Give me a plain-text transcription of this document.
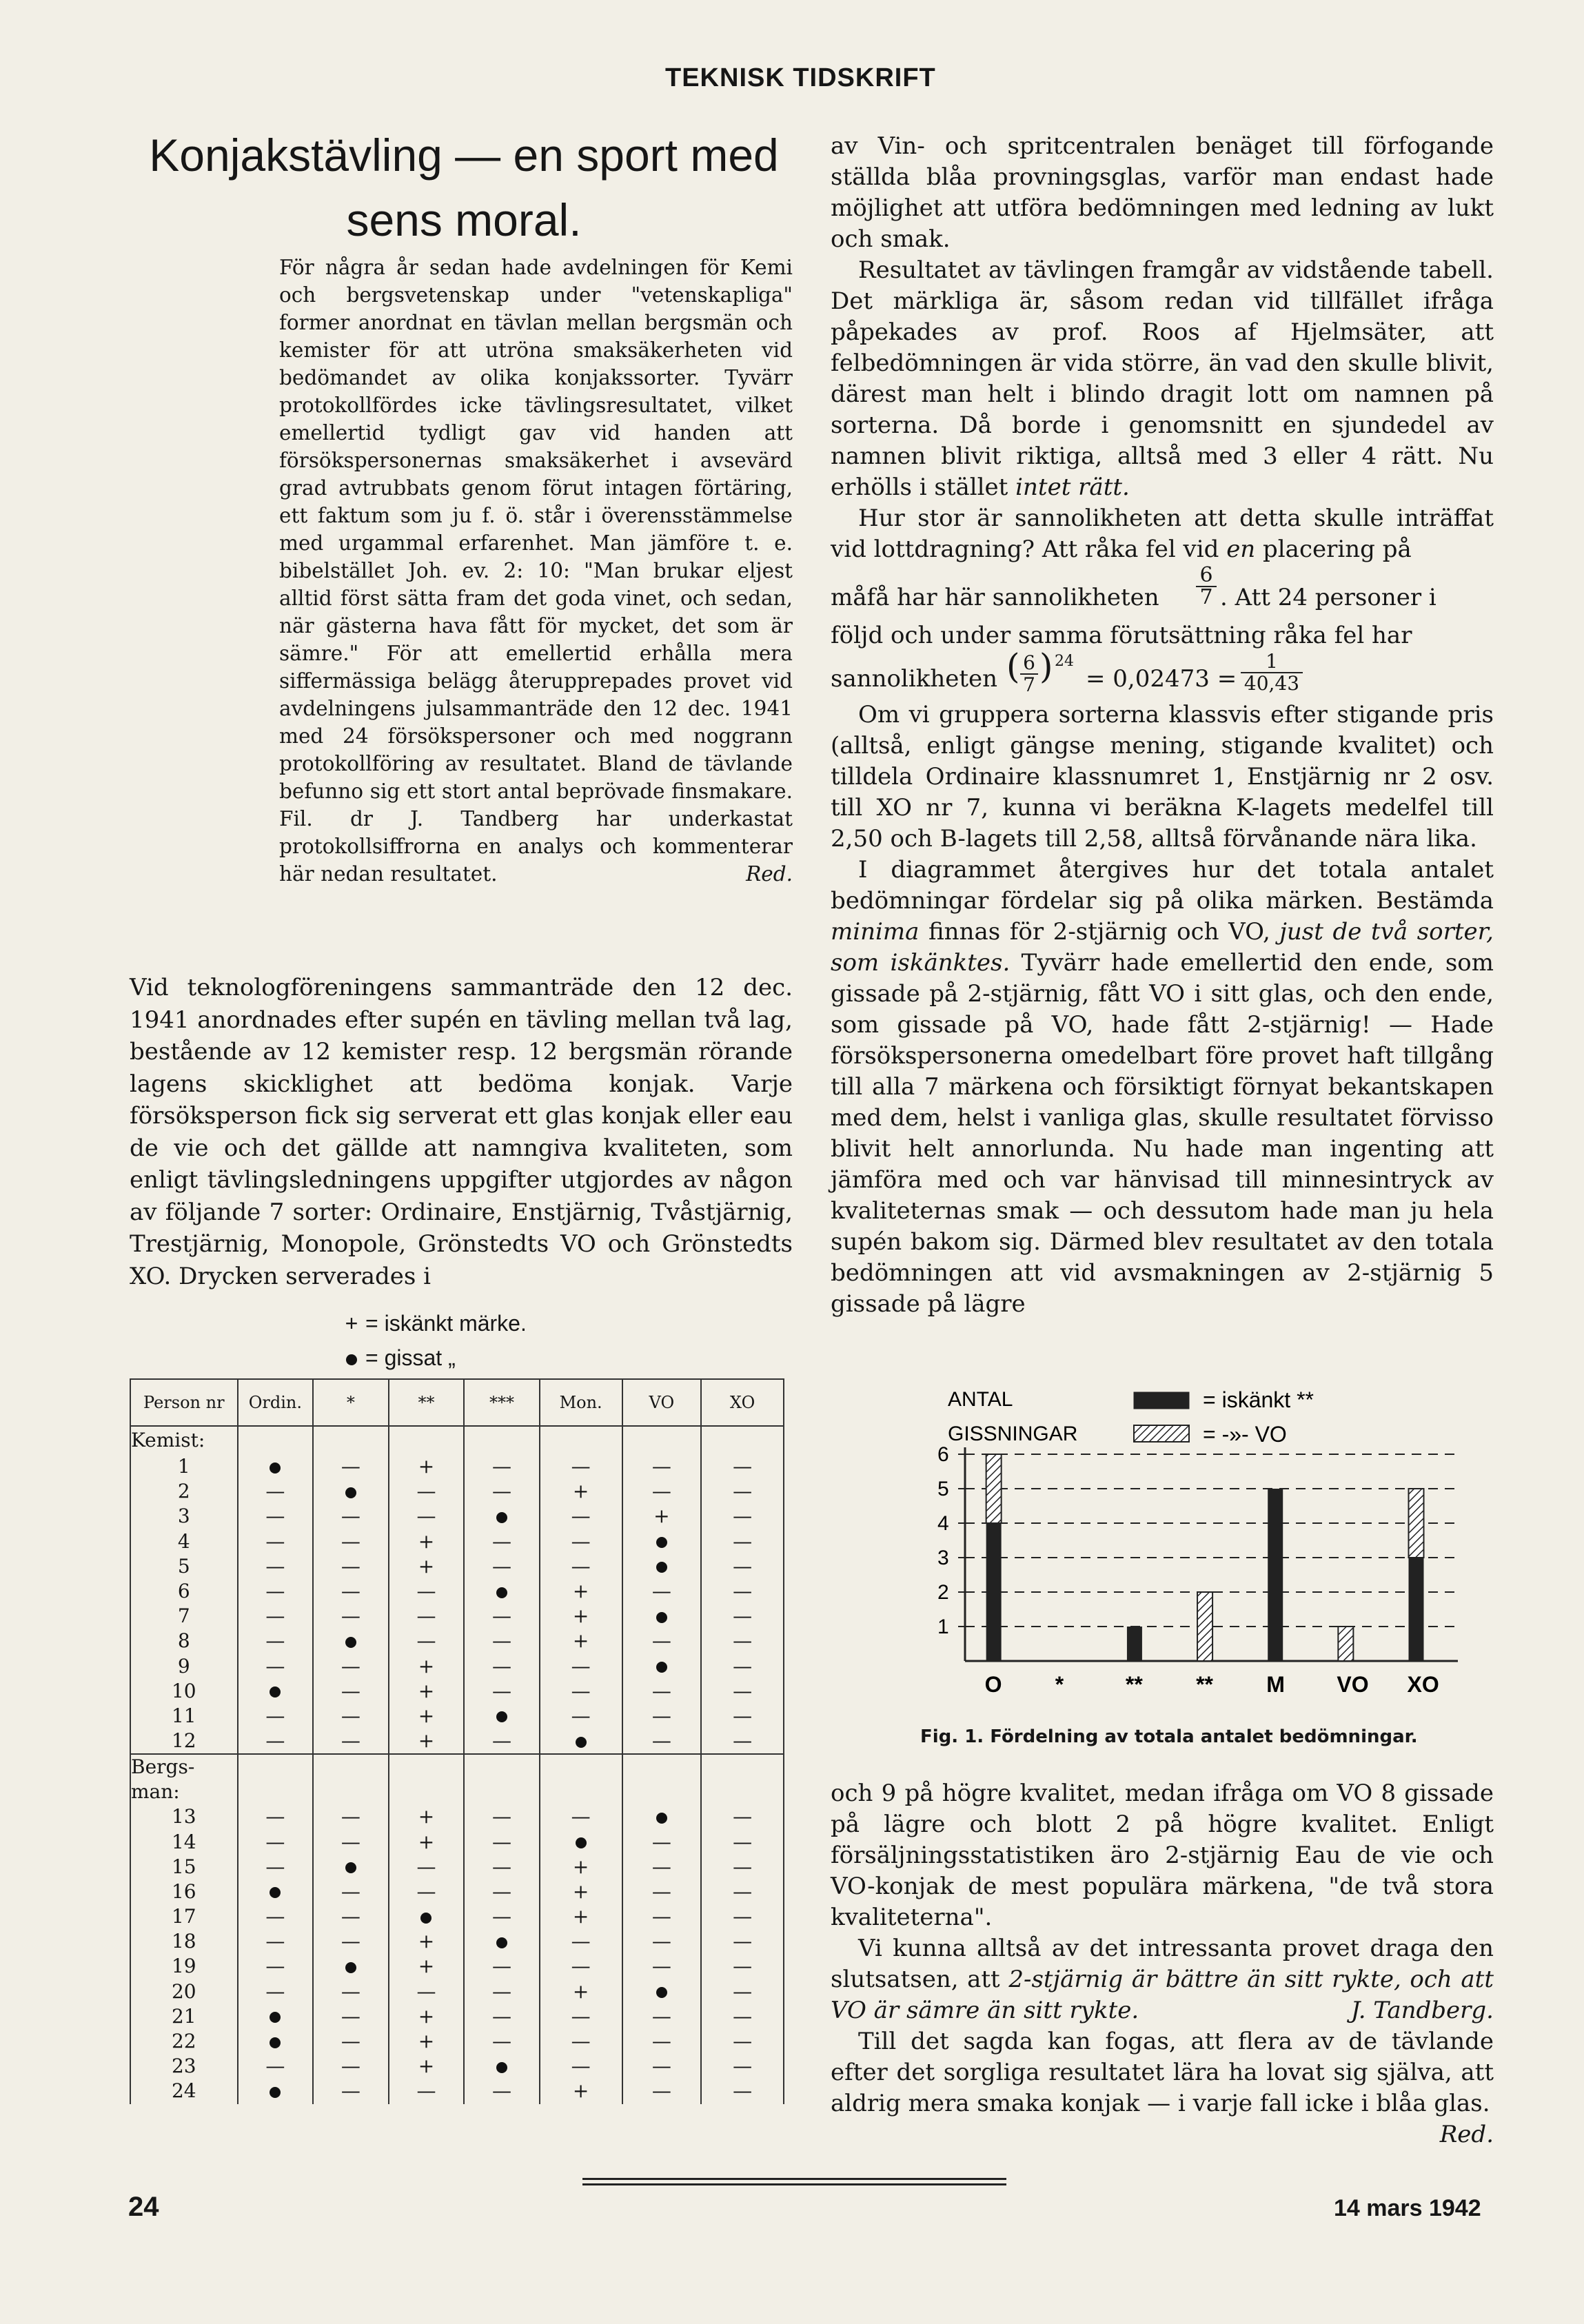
TEKNISK TIDSKRIFT
Konjakstävling — en sport med
sens moral.

För några år sedan hade avdelningen för Kemi och bergsvetenskap under "vetenskapliga" former anordnat en tävlan mellan bergsmän och kemister för att utröna smaksäkerheten vid bedömandet av olika konjakssorter. Tyvärr protokollfördes icke tävlingsresultatet, vilket emellertid tydligt gav vid handen att försökspersonernas smaksäkerhet i avsevärd grad avtrubbats genom förut intagen förtäring, ett faktum som ju f. ö. står i överensstämmelse med urgammal erfarenhet. Man jämföre t. e. bibelstället Joh. ev. 2: 10: "Man brukar eljest alltid först sätta fram det goda vinet, och sedan, när gästerna hava fått för mycket, det som är sämre." För att emellertid erhålla mera siffermässiga belägg återupprepades provet vid avdelningens julsammanträde den 12 dec. 1941 med 24 försökspersoner och med noggrann protokollföring av resultatet. Bland de tävlande befunno sig ett stort antal beprövade finsmakare. Fil. dr J. Tandberg har underkastat protokollsiffrorna en analys och kommenterar här nedan resultatet.	Red.

Vid teknologföreningens sammanträde den 12 dec. 1941 anordnades efter supén en tävling mellan två lag, bestående av 12 kemister resp. 12 bergsmän rörande lagens skicklighet att bedöma konjak. Varje försöksperson fick sig serverat ett glas konjak eller eau de vie och det gällde att namngiva kvaliteten, som enligt tävlingsledningens uppgifter utgjordes av någon av följande 7 sorter: Ordinaire, Enstjärnig, Tvåstjärnig, Trestjärnig, Monopole, Grönstedts VO och Grönstedts XO. Drycken serverades i

+ = iskänkt märke.
= gissat „
Person nr	Ordin.	*	**	***	Mon.	VO	XO
Kemist:							
1		—	+	—	—	—	—
2	—		—	—	+	—	—
3	—	—	—		—	+	—
4	—	—	+	—	—		—
5	—	—	+	—	—		—
6	—	—	—		+	—	—
7	—	—	—	—	+		—
8	—		—	—	+	—	—
9	—	—	+	—	—		—
10		—	+	—	—	—	—
11	—	—	+		—	—	—
12	—	—	+	—		—	—
Bergs-man:							
13	—	—	+	—	—		—
14	—	—	+	—		—	—
15	—		—	—	+	—	—
16		—	—	—	+	—	—
17	—	—		—	+	—	—
18	—	—	+		—	—	—
19	—		+	—	—	—	—
20	—	—	—	—	+		—
21		—	+	—	—	—	—
22		—	+	—	—	—	—
23	—	—	+		—	—	—
24		—	—	—	+	—	—

av Vin- och spritcentralen benäget till förfogande ställda blåa provningsglas, varför man endast hade möjlighet att utföra bedömningen med ledning av lukt och smak.

Resultatet av tävlingen framgår av vidstående tabell. Det märkliga är, såsom redan vid tillfället ifråga påpekades av prof. Roos af Hjelmsäter, att felbedömningen är vida större, än vad den skulle blivit, därest man helt i blindo dragit lott om namnen på sorterna. Då borde i genomsnitt en sjundedel av namnen blivit riktiga, alltså med 3 eller 4 rätt. Nu erhölls i stället intet rätt.

Hur stor är sannolikheten att detta skulle inträffat vid lottdragning? Att råka fel vid en placering på

måfå har här sannolikheten
6
7 . Att 24 personer i

följd och under samma förutsättning råka fel har

sannolikheten ( 6
7 ) 24
= 0,02473 =
1
40,43

Om vi gruppera sorterna klassvis efter stigande pris (alltså, enligt gängse mening, stigande kvalitet) och tilldela Ordinaire klassnumret 1, Enstjärnig nr 2 osv. till XO nr 7, kunna vi beräkna K-lagets medelfel till 2,50 och B-lagets till 2,58, alltså förvånande nära lika.

I diagrammet återgives hur det totala antalet bedömningar fördelar sig på olika märken. Bestämda minima finnas för 2-stjärnig och VO, just de två sorter, som iskänktes. Tyvärr hade emellertid den ende, som gissade på 2-stjärnig, fått VO i sitt glas, och den ende, som gissade på VO, hade fått 2-stjärnig! — Hade försökspersonerna omedelbart före provet haft tillgång till alla 7 märkena och försiktigt förnyat bekantskapen med dem, helst i vanliga glas, skulle resultatet förvisso blivit helt annorlunda. Nu hade man ingenting att jämföra med och var hänvisad till minnesintryck av kvaliteternas smak — och dessutom hade man ju hela supén bakom sig. Därmed blev resultatet av den totala bedömningen att vid avsmakningen av 2-stjärnig 5 gissade på lägre

ANTAL
GISSNINGAR
= iskänkt **
= -»- VO
1
2
3
4
5
6
O *	** ** M VO XO
Fig. 1. Fördelning av totala antalet bedömningar.

och 9 på högre kvalitet, medan ifråga om VO 8 gissade på lägre och blott 2 på högre kvalitet. Enligt försäljningsstatistiken äro 2-stjärnig Eau de vie och VO-konjak de mest populära märkena, "de två stora kvaliteterna".

Vi kunna alltså av det intressanta provet draga den slutsatsen, att 2-stjärnig är bättre än sitt rykte, och att VO är sämre än sitt rykte.	J. Tandberg.

Till det sagda kan fogas, att flera av de tävlande efter det sorgliga resultatet lära ha lovat sig själva, att aldrig mera smaka konjak — i varje fall icke i blåa glas.
Red.

24	14 mars 1942
